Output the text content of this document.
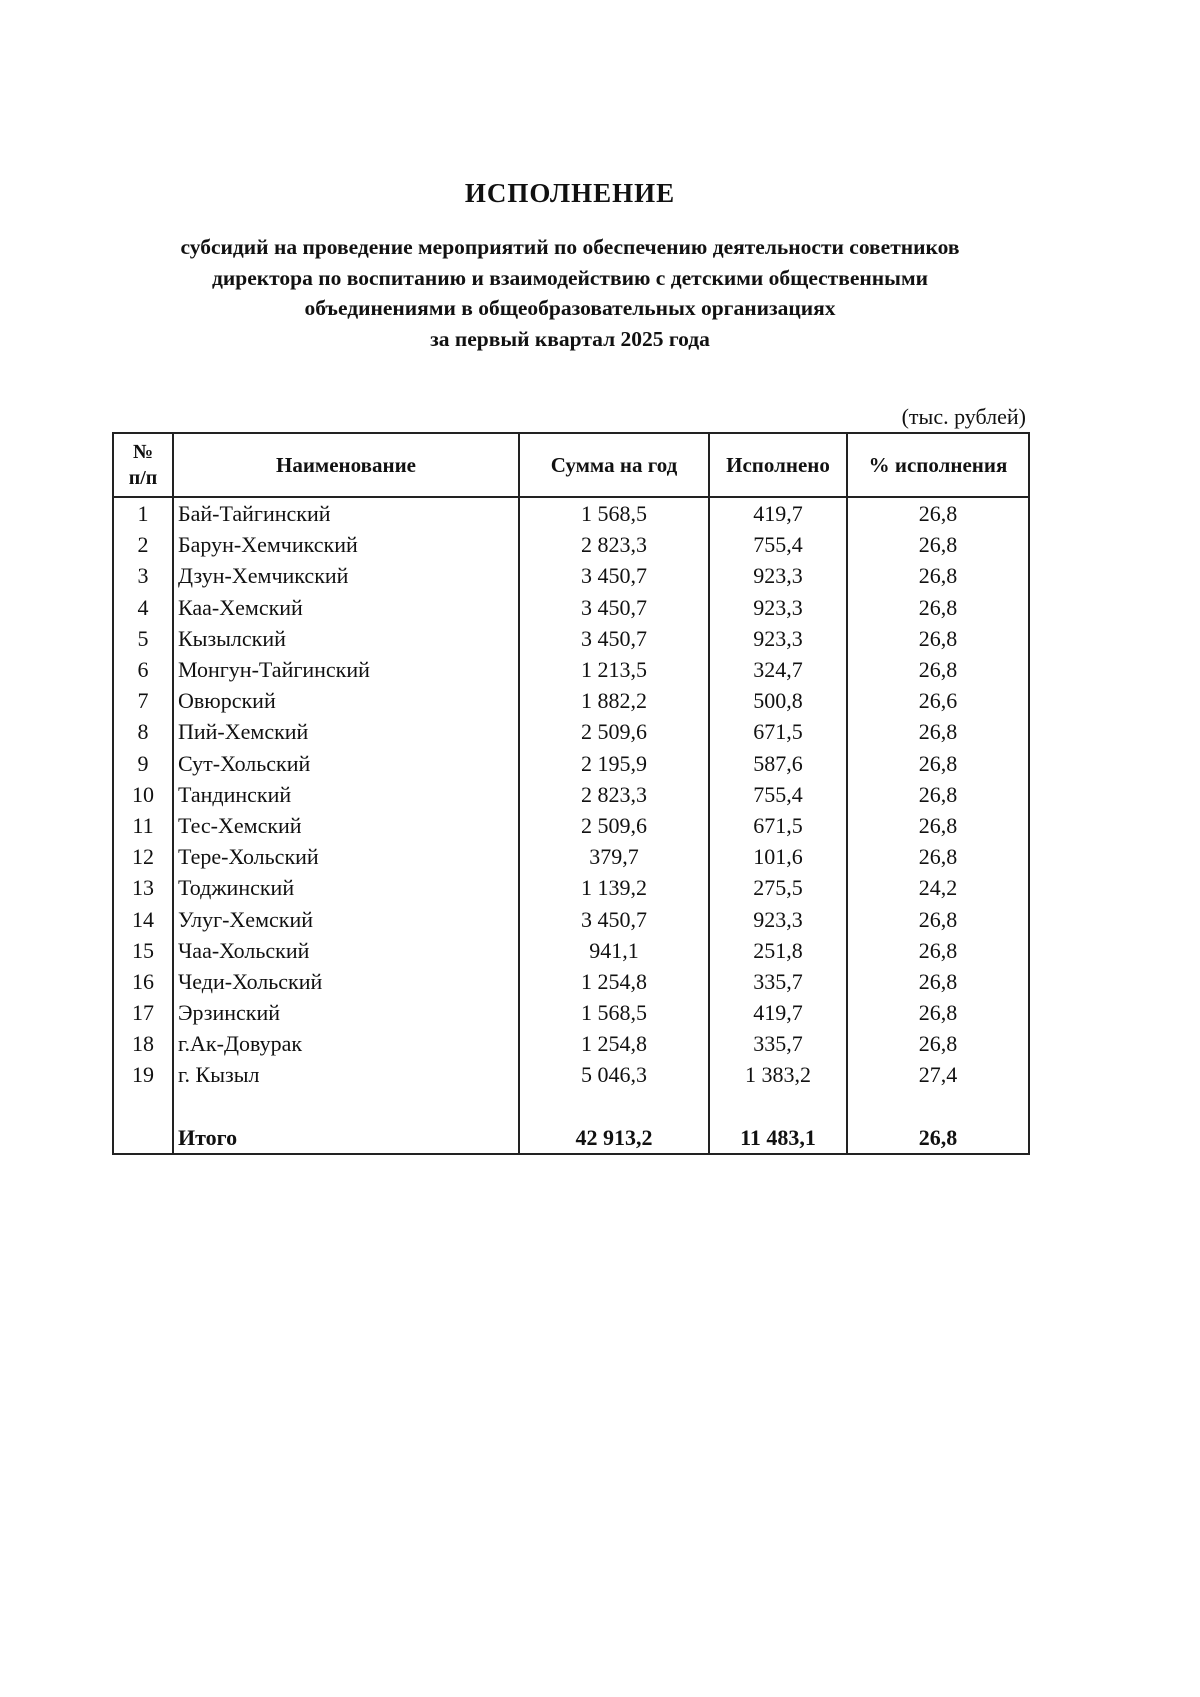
ИСПОЛНЕНИЕ
субсидий на проведение мероприятий по обеспечению деятельности советников
директора по воспитанию и взаимодействию с детскими общественными
объединениями в общеобразовательных организациях
за первый квартал 2025 года
(тыс. рублей)
№
п/п	Наименование	Сумма на год	Исполнено	% исполнения
1	Бай-Тайгинский	1 568,5	419,7	26,8
2	Барун-Хемчикский	2 823,3	755,4	26,8
3	Дзун-Хемчикский	3 450,7	923,3	26,8
4	Каа-Хемский	3 450,7	923,3	26,8
5	Кызылский	3 450,7	923,3	26,8
6	Монгун-Тайгинский	1 213,5	324,7	26,8
7	Овюрский	1 882,2	500,8	26,6
8	Пий-Хемский	2 509,6	671,5	26,8
9	Сут-Хольский	2 195,9	587,6	26,8
10	Тандинский	2 823,3	755,4	26,8
11	Тес-Хемский	2 509,6	671,5	26,8
12	Тере-Хольский	379,7	101,6	26,8
13	Тоджинский	1 139,2	275,5	24,2
14	Улуг-Хемский	3 450,7	923,3	26,8
15	Чаа-Хольский	941,1	251,8	26,8
16	Чеди-Хольский	1 254,8	335,7	26,8
17	Эрзинский	1 568,5	419,7	26,8
18	г.Ак-Довурак	1 254,8	335,7	26,8
19	г. Кызыл	5 046,3	1 383,2	27,4

	Итого	42 913,2	11 483,1	26,8
